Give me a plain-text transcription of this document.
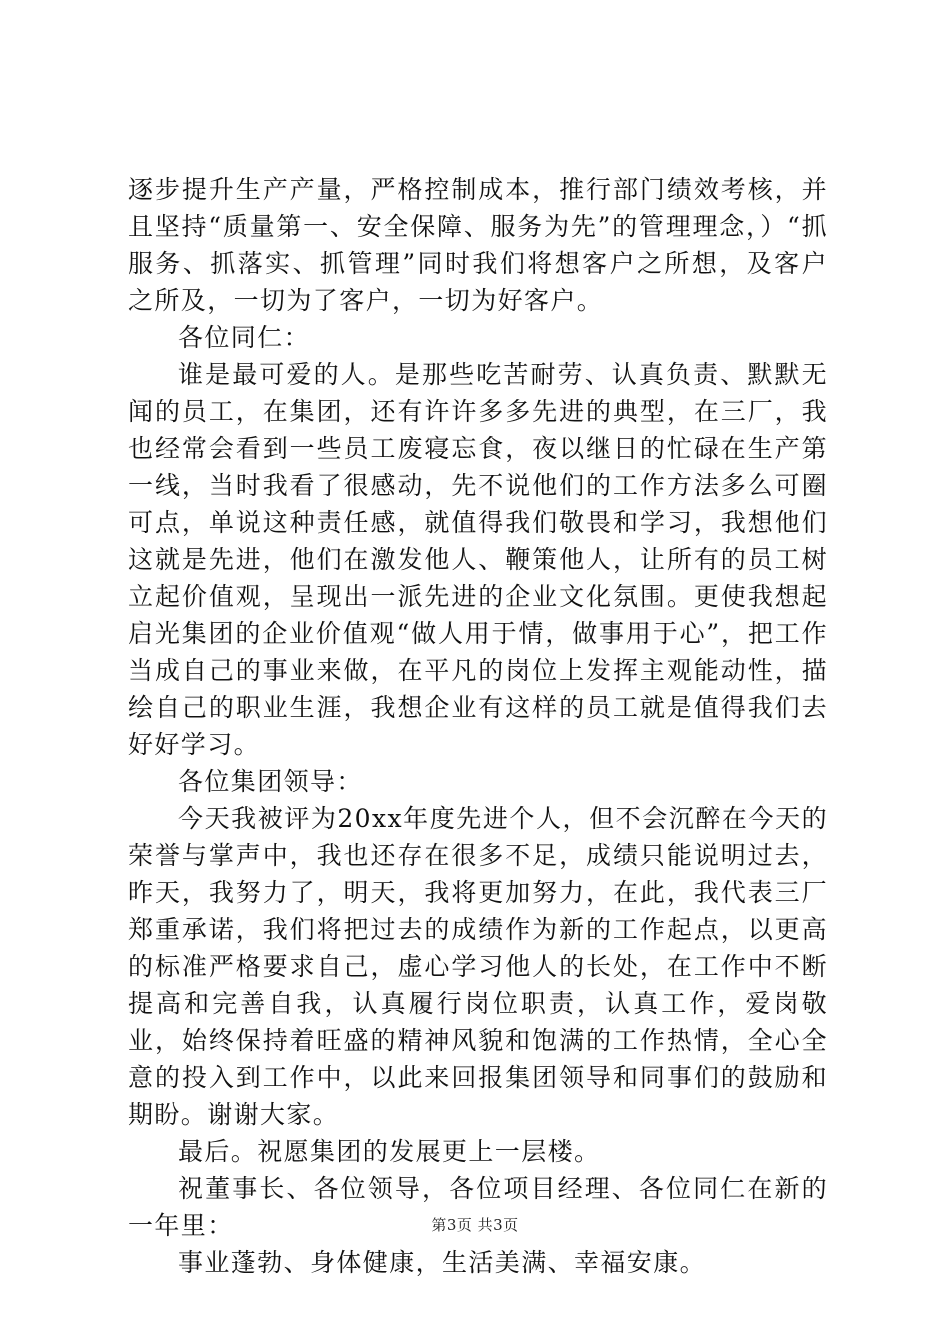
逐步提升生产产量，严格控制成本，推行部门绩效考核，并且坚持“质量第一、安全保障、服务为先”的管理理念，）“抓服务、抓落实、抓管理”同时我们将想客户之所想，及客户之所及，一切为了客户，一切为好客户。

各位同仁：

谁是最可爱的人。是那些吃苦耐劳、认真负责、默默无闻的员工，在集团，还有许许多多先进的典型，在三厂，我也经常会看到一些员工废寝忘食，夜以继日的忙碌在生产第一线，当时我看了很感动，先不说他们的工作方法多么可圈可点，单说这种责任感，就值得我们敬畏和学习，我想他们这就是先进，他们在激发他人、鞭策他人，让所有的员工树立起价值观，呈现出一派先进的企业文化氛围。更使我想起启光集团的企业价值观“做人用于情，做事用于心”，把工作当成自己的事业来做，在平凡的岗位上发挥主观能动性，描绘自己的职业生涯，我想企业有这样的员工就是值得我们去好好学习。

各位集团领导：

今天我被评为20xx年度先进个人，但不会沉醉在今天的荣誉与掌声中，我也还存在很多不足，成绩只能说明过去，昨天，我努力了，明天，我将更加努力，在此，我代表三厂郑重承诺，我们将把过去的成绩作为新的工作起点，以更高的标准严格要求自己，虚心学习他人的长处，在工作中不断提高和完善自我，认真履行岗位职责，认真工作，爱岗敬业，始终保持着旺盛的精神风貌和饱满的工作热情，全心全意的投入到工作中，以此来回报集团领导和同事们的鼓励和期盼。谢谢大家。

最后。祝愿集团的发展更上一层楼。

祝董事长、各位领导，各位项目经理、各位同仁在新的一年里：

事业蓬勃、身体健康，生活美满、幸福安康。

第3页 共3页
